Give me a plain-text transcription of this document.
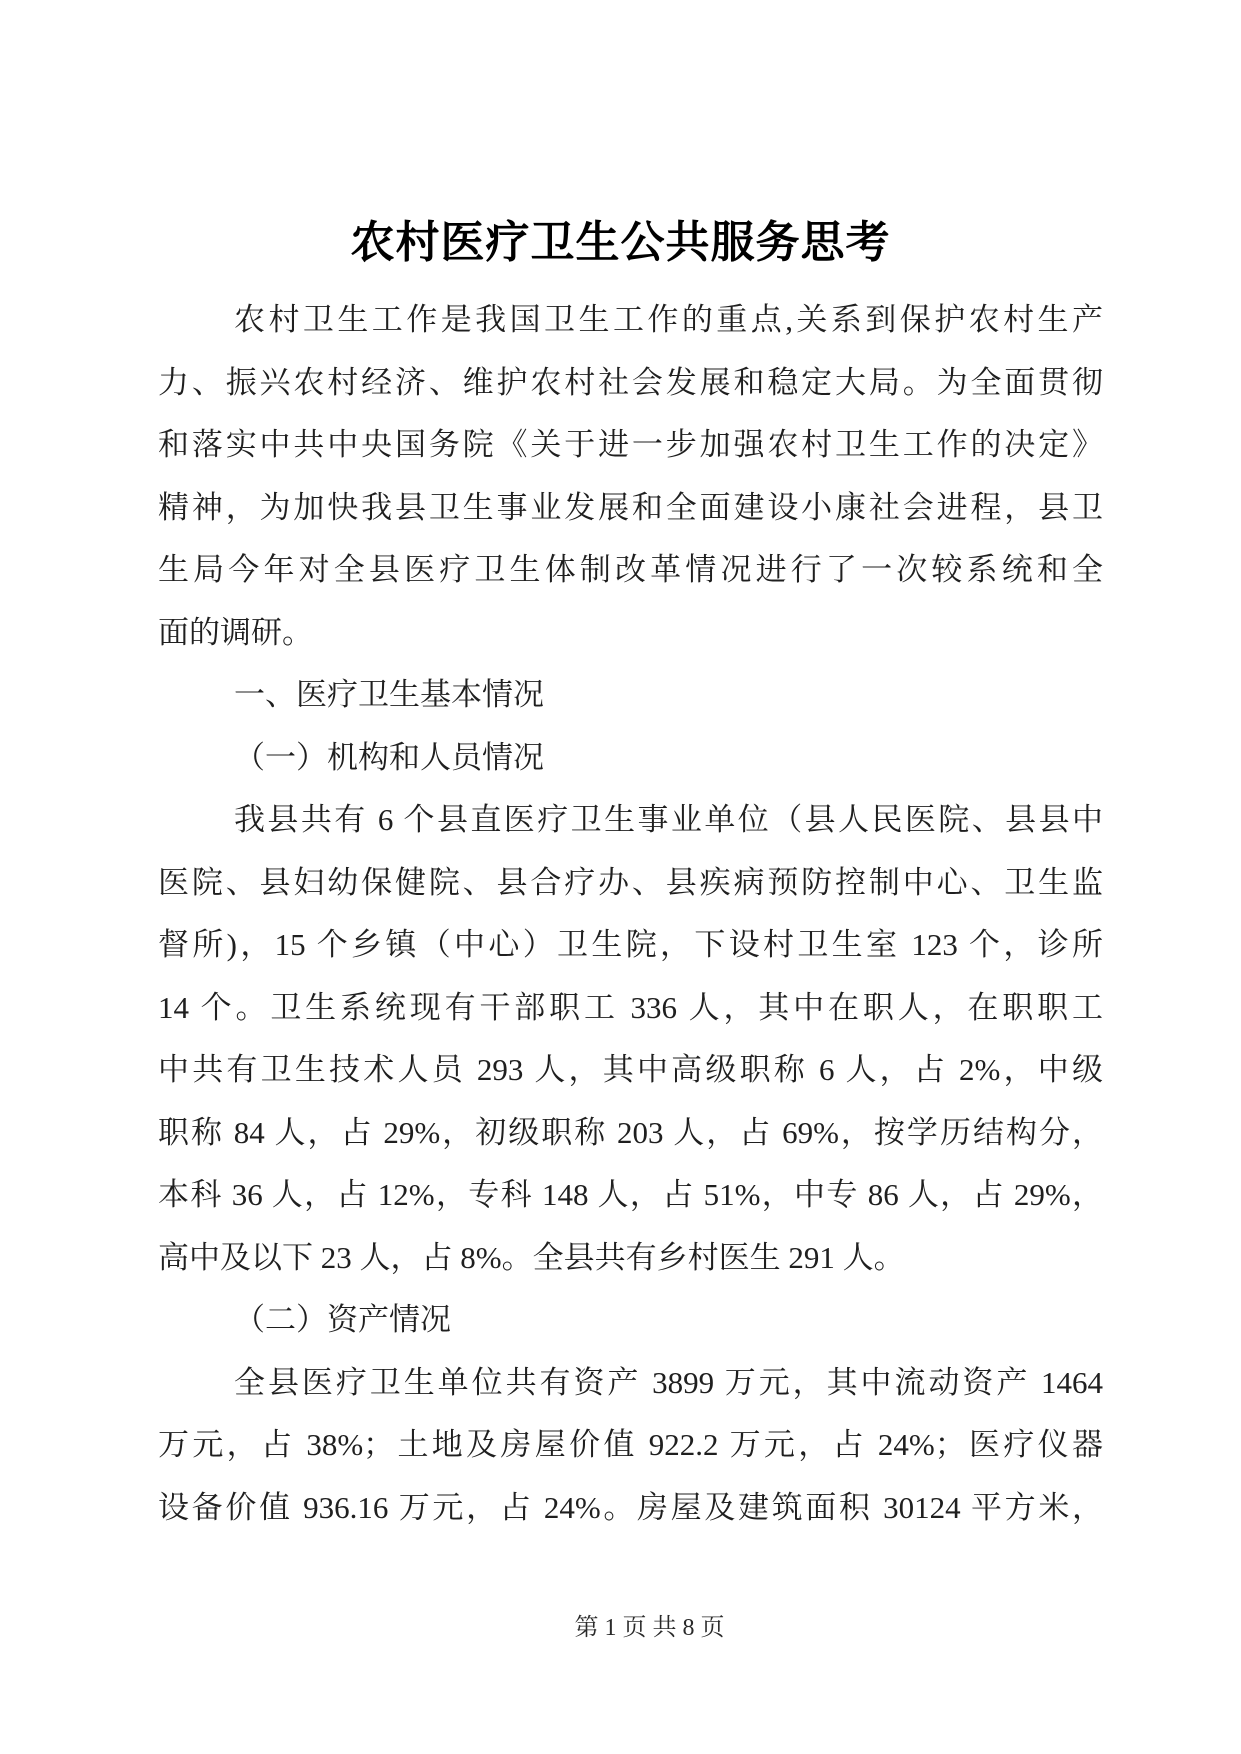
农村医疗卫生公共服务思考
农村卫生工作是我国卫生工作的重点,关系到保护农村生产
力、振兴农村经济、维护农村社会发展和稳定大局。为全面贯彻
和落实中共中央国务院《关于进一步加强农村卫生工作的决定》
精神，为加快我县卫生事业发展和全面建设小康社会进程，县卫
生局今年对全县医疗卫生体制改革情况进行了一次较系统和全
面的调研。
一、医疗卫生基本情况
（一）机构和人员情况
我县共有 6 个县直医疗卫生事业单位（县人民医院、县县中
医院、县妇幼保健院、县合疗办、县疾病预防控制中心、卫生监
督所)，15 个乡镇（中心）卫生院，下设村卫生室 123 个，诊所
14 个。卫生系统现有干部职工 336 人，其中在职人，在职职工
中共有卫生技术人员 293 人，其中高级职称 6 人，占 2%，中级
职称 84 人，占 29%，初级职称 203 人，占 69%，按学历结构分，
本科 36 人，占 12%，专科 148 人，占 51%，中专 86 人，占 29%，
高中及以下 23 人，占 8%。全县共有乡村医生 291 人。
（二）资产情况
全县医疗卫生单位共有资产 3899 万元，其中流动资产 1464
万元，占 38%；土地及房屋价值 922.2 万元，占 24%；医疗仪器
设备价值 936.16 万元，占 24%。房屋及建筑面积 30124 平方米，
第 1 页 共 8 页
